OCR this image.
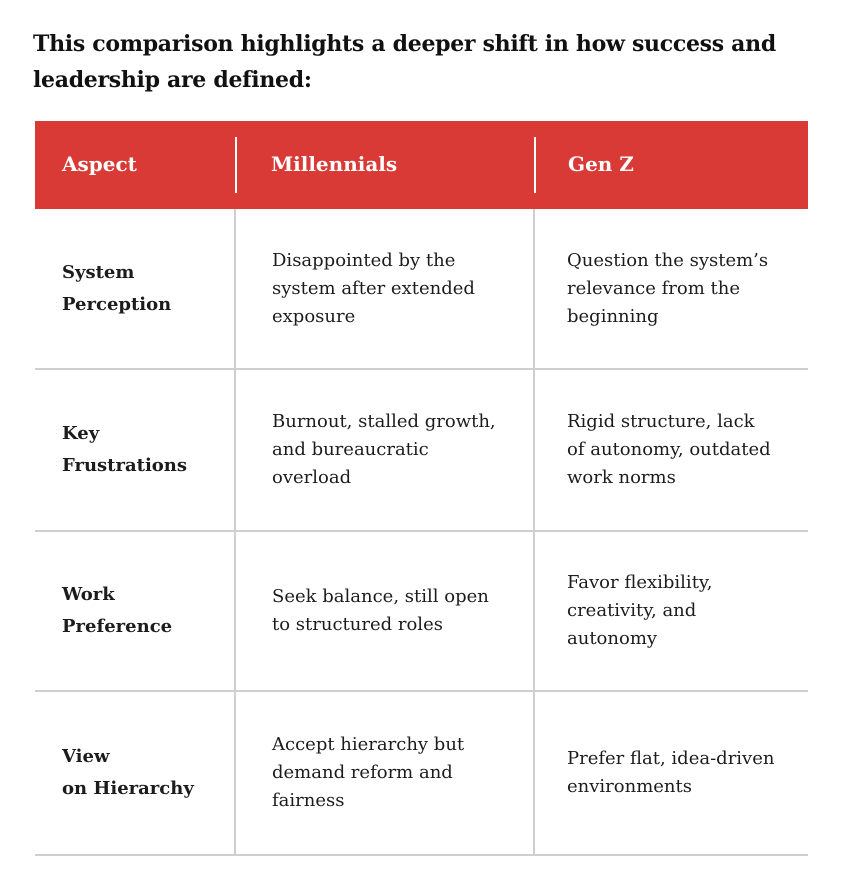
This comparison highlights a deeper shift in how success and
leadership are defined:

Aspect	Millennials	Gen Z

System
Perception	Disappointed by the
system after extended
exposure	Question the system’s
relevance from the
beginning

Key
Frustrations	Burnout, stalled growth,
and bureaucratic
overload	Rigid structure, lack
of autonomy, outdated
work norms

Work
Preference	Seek balance, still open
to structured roles	Favor flexibility,
creativity, and
autonomy

View
on Hierarchy	Accept hierarchy but
demand reform and
fairness	Prefer flat, idea-driven
environments
